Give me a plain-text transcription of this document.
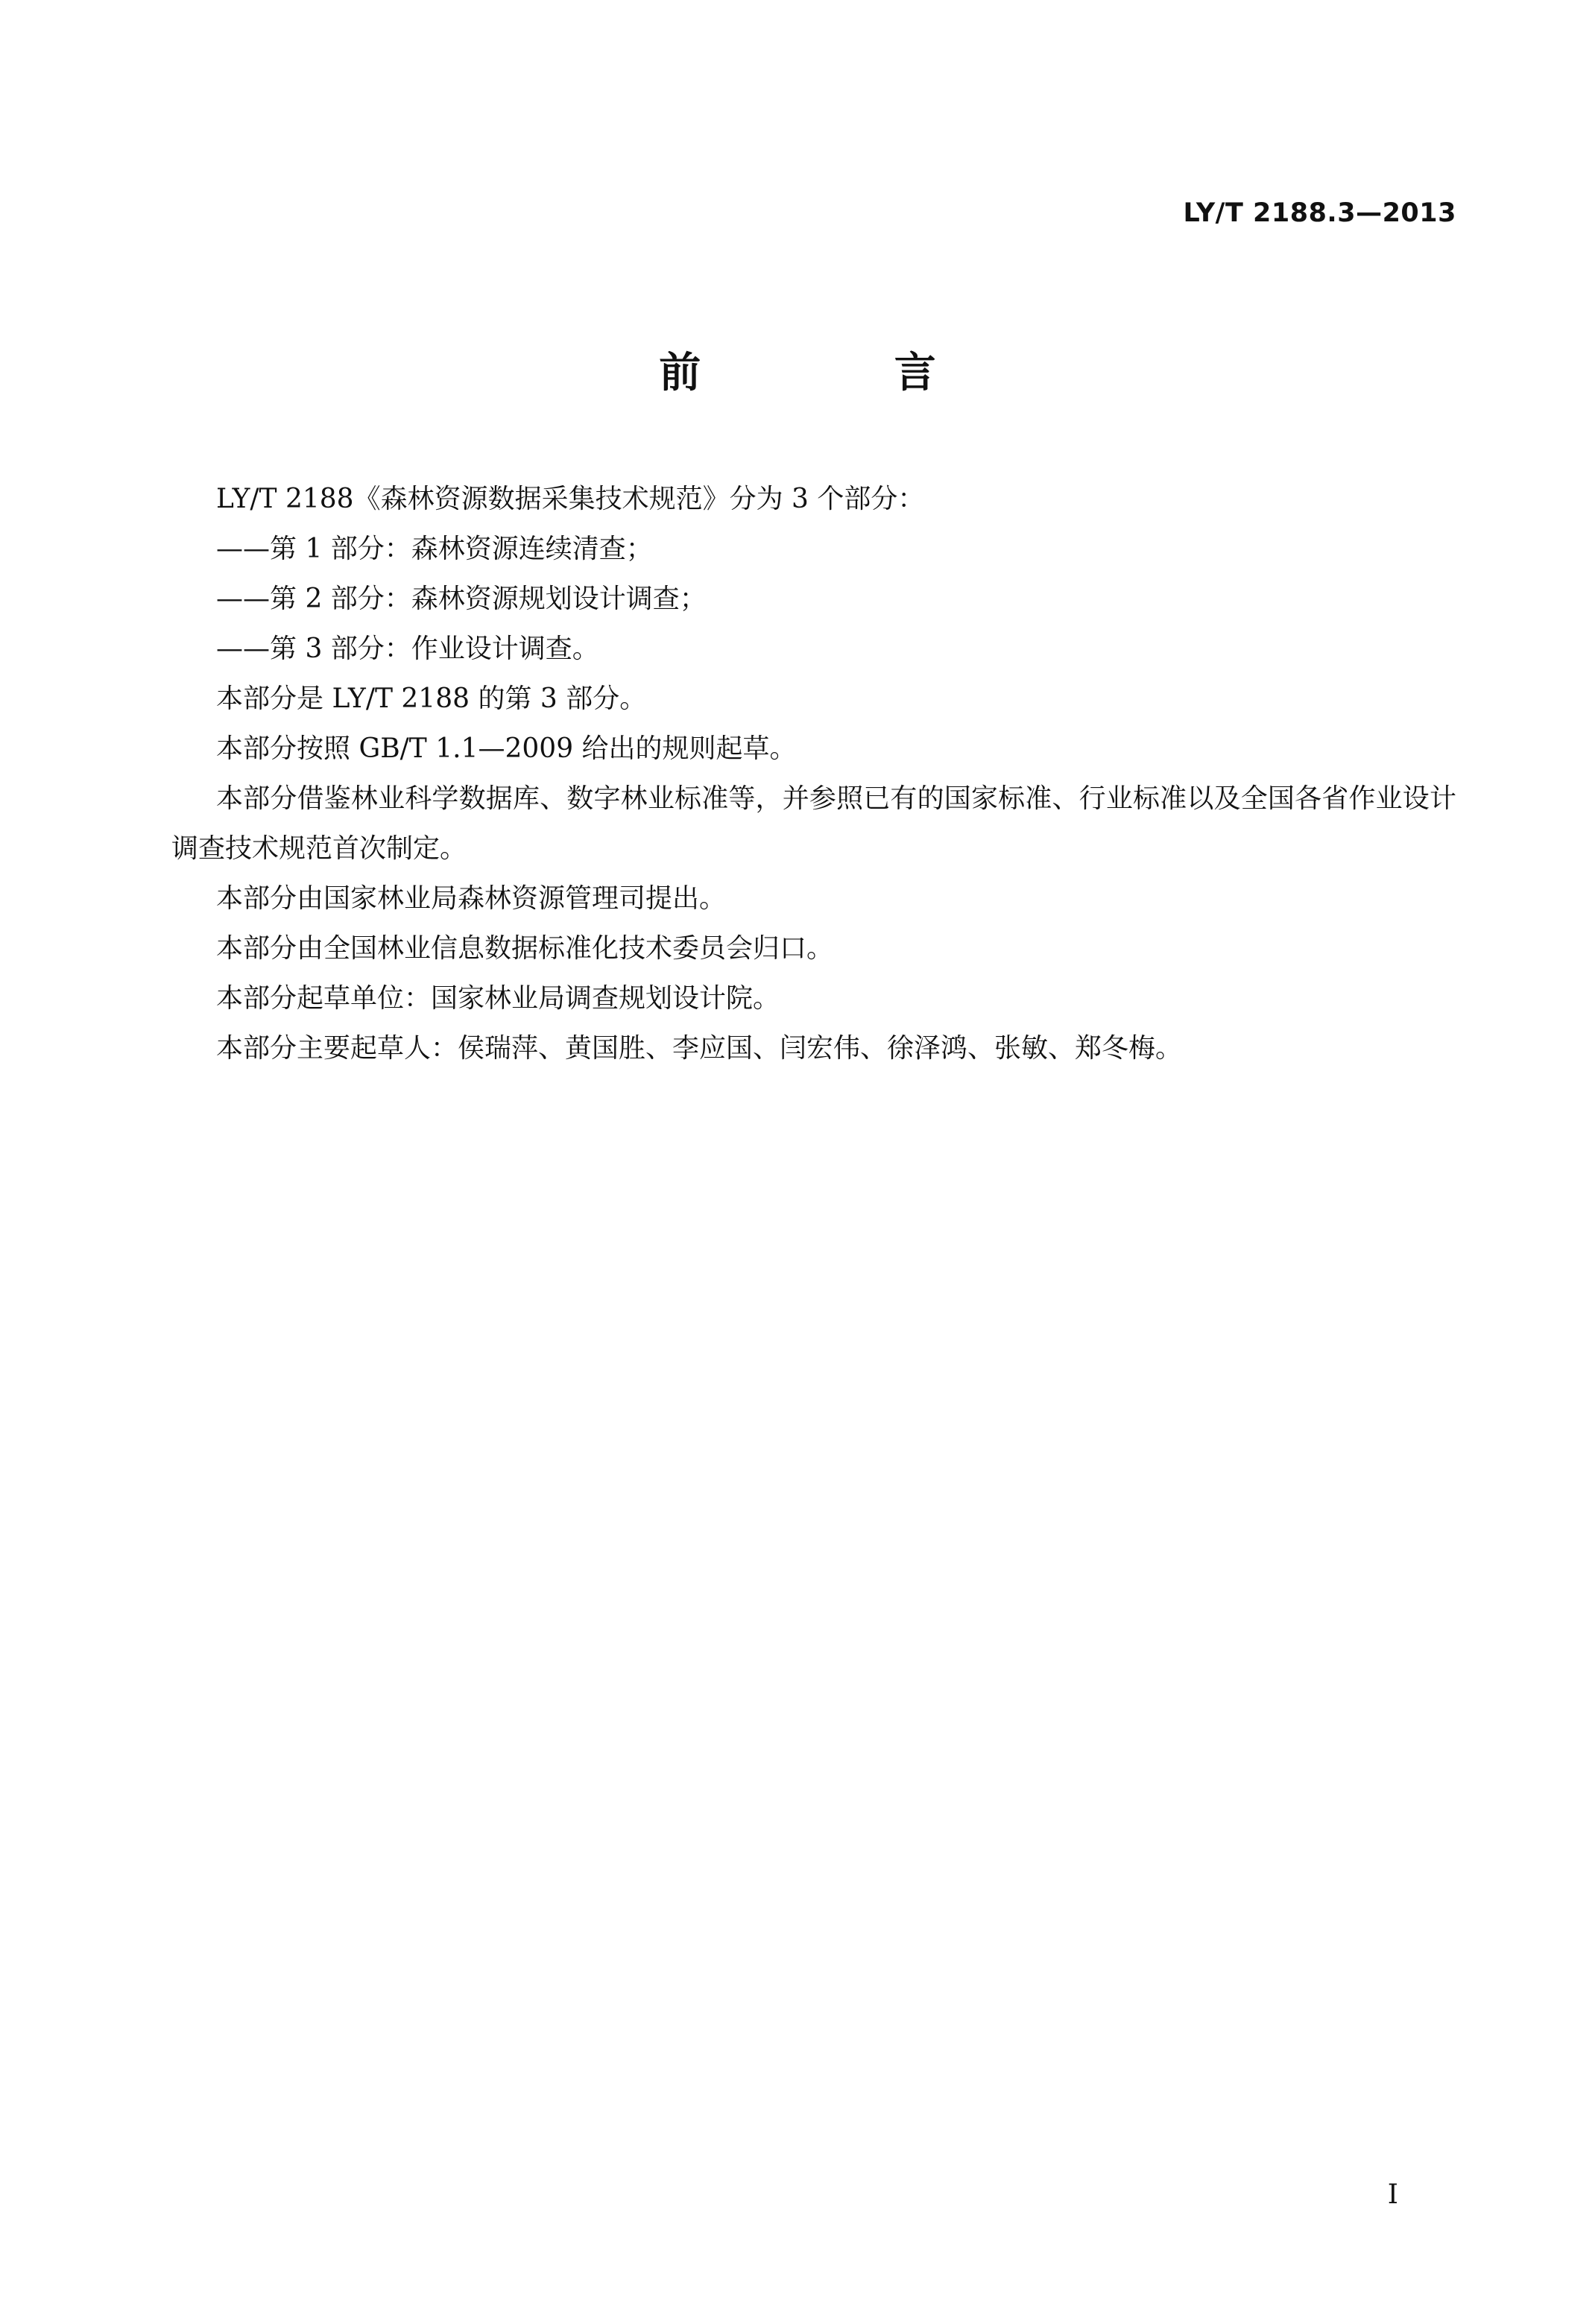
LY/T 2188.3—2013
前 言

LY/T 2188《森林资源数据采集技术规范》分为 3 个部分：

——第 1 部分：森林资源连续清查；

——第 2 部分：森林资源规划设计调查；

——第 3 部分：作业设计调查。

本部分是 LY/T 2188 的第 3 部分。

本部分按照 GB/T 1.1—2009 给出的规则起草。

本部分借鉴林业科学数据库、数字林业标准等，并参照已有的国家标准、行业标准以及全国各省作业设计调查技术规范首次制定。

本部分由国家林业局森林资源管理司提出。

本部分由全国林业信息数据标准化技术委员会归口。

本部分起草单位：国家林业局调查规划设计院。

本部分主要起草人：侯瑞萍、黄国胜、李应国、闫宏伟、徐泽鸿、张敏、郑冬梅。

I
